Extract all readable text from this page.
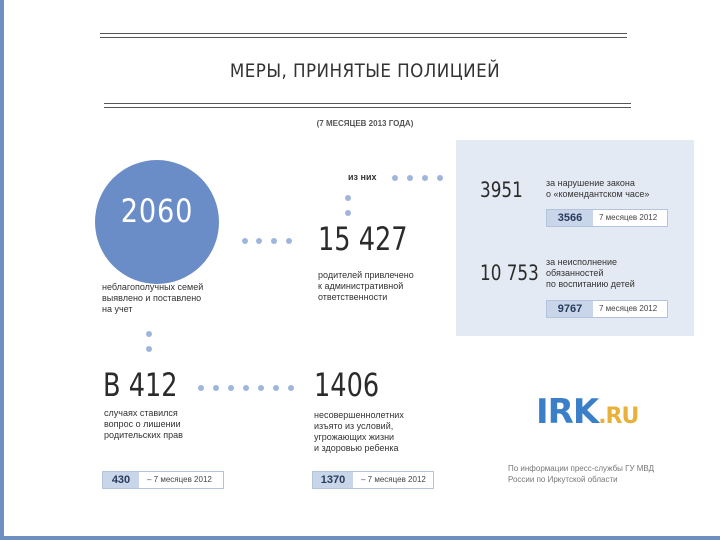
МЕРЫ, ПРИНЯТЫЕ ПОЛИЦИЕЙ
(7 МЕСЯЦЕВ 2013 ГОДА)
2060
неблагополучных семей
выявлено и поставлено
на учет
из них
15 427
родителей привлечено
к административной
ответственности
3951	за нарушение закона
о «комендантском часе»
3566	7 месяцев 2012
10 753 за неисполнение
обязанностей
по воспитанию детей
9767	7 месяцев 2012
В 412
случаях ставился
вопрос о лишении
родительских прав
430	– 7 месяцев 2012
1406
несовершеннолетних
изъято из условий,
угрожающих жизни
и здоровью ребенка
1370	– 7 месяцев 2012
IRK.RU
По информации пресс-службы ГУ МВД
России по Иркутской области
